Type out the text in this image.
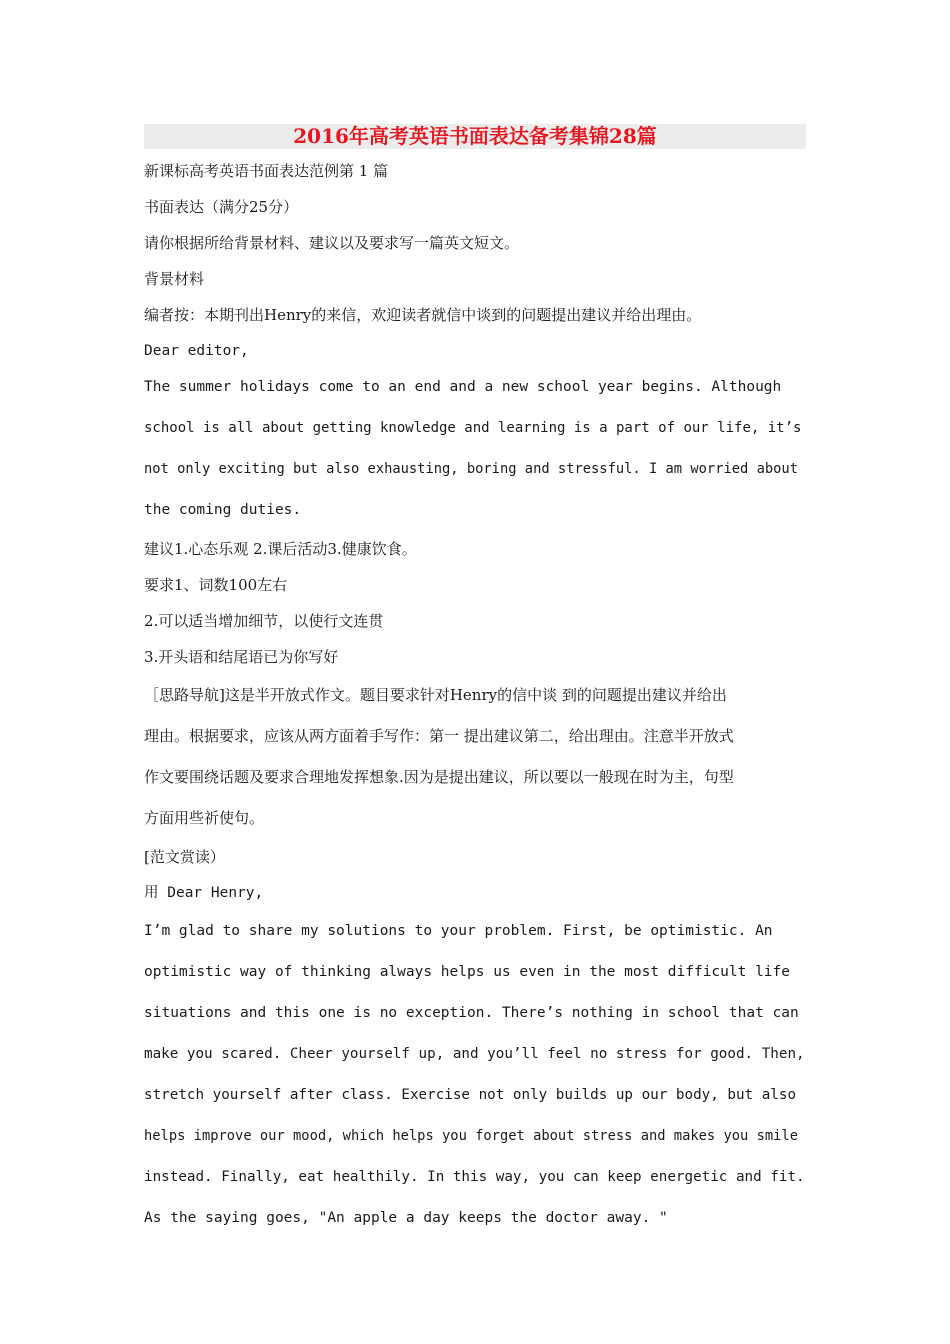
2016年高考英语书面表达备考集锦28篇
新课标高考英语书面表达范例第 1 篇
书面表达（满分25分）
请你根据所给背景材料、建议以及要求写一篇英文短文。
背景材料
编者按：本期刊出Henry的来信，欢迎读者就信中谈到的问题提出建议并给出理由。
Dear editor,
The summer holidays come to an end and a new school year begins. Although
school is all about getting knowledge and learning is a part of our life, it’s
not only exciting but also exhausting, boring and stressful. I am worried about
the coming duties.
建议1.心态乐观 2.课后活动3.健康饮食。
要求1、词数100左右
2.可以适当增加细节，以使行文连贯
3.开头语和结尾语已为你写好
［思路导航]这是半开放式作文。题目要求针对Henry的信中谈 到的问题提出建议并给出
理由。根据要求，应该从两方面着手写作：第一 提出建议第二，给出理由。注意半开放式
作文要围绕话题及要求合理地发挥想象.因为是提出建议，所以要以一般现在时为主，句型
方面用些祈使句。
[范文赏读）
用 Dear Henry,
I’m glad to share my solutions to your problem. First, be optimistic. An
optimistic way of thinking always helps us even in the most difficult life
situations and this one is no exception. There’s nothing in school that can
make you scared. Cheer yourself up, and you’ll feel no stress for good. Then,
stretch yourself after class. Exercise not only builds up our body, but also
helps improve our mood, which helps you forget about stress and makes you smile
instead. Finally, eat healthily. In this way, you can keep energetic and fit.
As the saying goes, "An apple a day keeps the doctor away. "
